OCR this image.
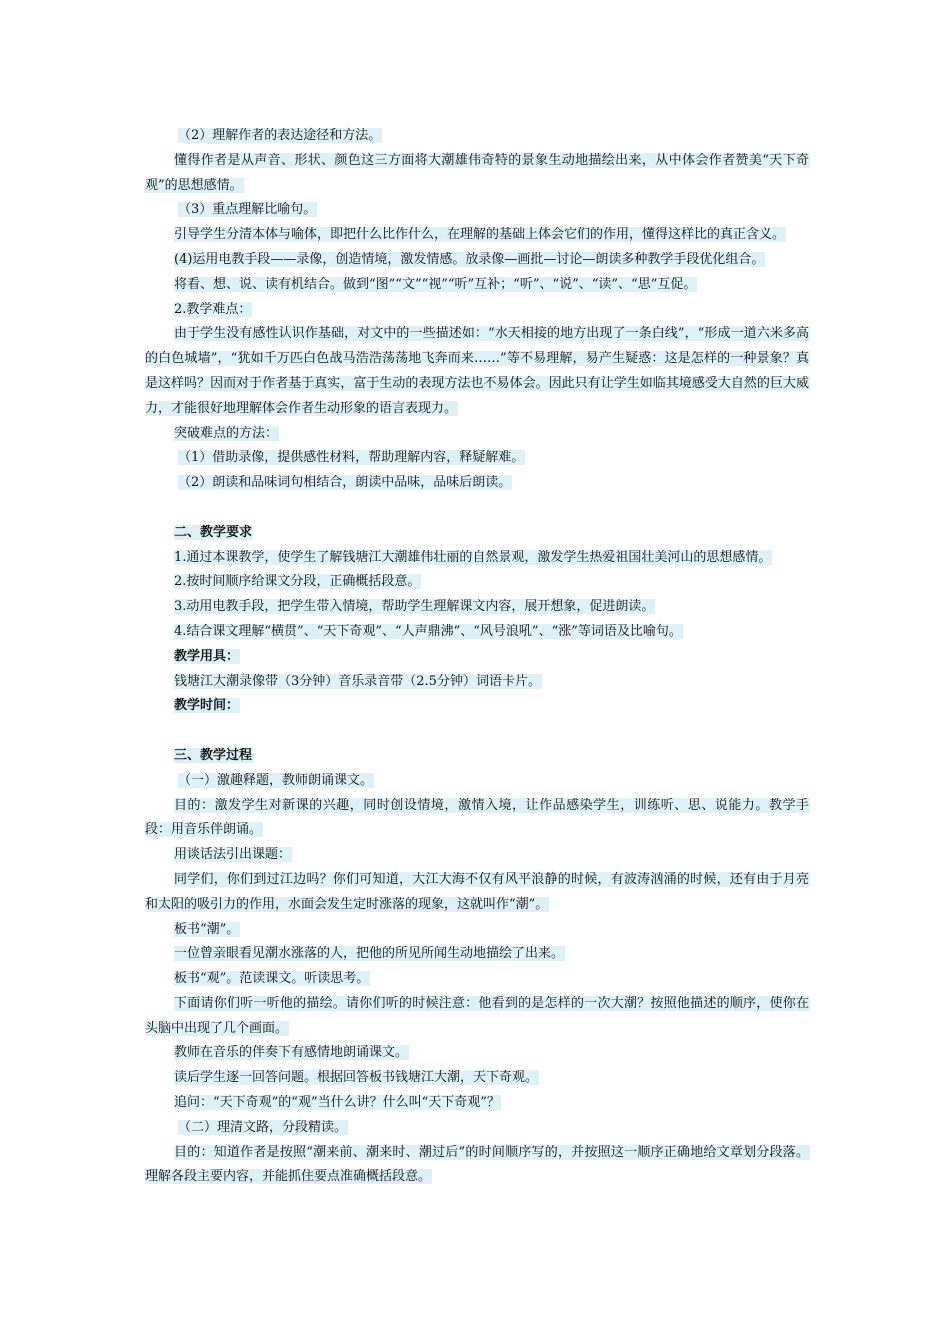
（2）理解作者的表达途径和方法。

懂得作者是从声音、形状、颜色这三方面将大潮雄伟奇特的景象生动地描绘出来，从中体会作者赞美“天下奇观”的思想感情。

（3）重点理解比喻句。

引导学生分清本体与喻体，即把什么比作什么，在理解的基础上体会它们的作用，懂得这样比的真正含义。

(4)运用电教手段——录像，创造情境，激发情感。放录像—画批—讨论—朗读多种教学手段优化组合。

将看、想、说、读有机结合。做到“图”“文”“视”“听”互补；“听”、“说”、“读”、“思”互促。

2.教学难点：

由于学生没有感性认识作基础，对文中的一些描述如：“水天相接的地方出现了一条白线”，“形成一道六米多高的白色城墙”，“犹如千万匹白色战马浩浩荡荡地飞奔而来……”等不易理解，易产生疑惑：这是怎样的一种景象？真是这样吗？因而对于作者基于真实，富于生动的表现方法也不易体会。因此只有让学生如临其境感受大自然的巨大威力，才能很好地理解体会作者生动形象的语言表现力。

突破难点的方法：

（1）借助录像，提供感性材料，帮助理解内容，释疑解难。

（2）朗读和品味词句相结合，朗读中品味，品味后朗读。

二、教学要求

1.通过本课教学，使学生了解钱塘江大潮雄伟壮丽的自然景观，激发学生热爱祖国壮美河山的思想感情。

2.按时间顺序给课文分段，正确概括段意。

3.动用电教手段，把学生带入情境，帮助学生理解课文内容，展开想象，促进朗读。

4.结合课文理解“横贯”、“天下奇观”、“人声鼎沸”、“风号浪吼”、“涨”等词语及比喻句。

教学用具：

钱塘江大潮录像带（3分钟）音乐录音带（2.5分钟）词语卡片。

教学时间：

三、教学过程

（一）激趣释题，教师朗诵课文。

目的：激发学生对新课的兴趣，同时创设情境，激情入境，让作品感染学生，训练听、思、说能力。教学手段：用音乐伴朗诵。

用谈话法引出课题：

同学们，你们到过江边吗？你们可知道，大江大海不仅有风平浪静的时候，有波涛汹涌的时候，还有由于月亮和太阳的吸引力的作用，水面会发生定时涨落的现象，这就叫作“潮”。

板书“潮”。

一位曾亲眼看见潮水涨落的人，把他的所见所闻生动地描绘了出来。

板书“观”。范读课文。听读思考。

下面请你们听一听他的描绘。请你们听的时候注意：他看到的是怎样的一次大潮？按照他描述的顺序，使你在头脑中出现了几个画面。

教师在音乐的伴奏下有感情地朗诵课文。

读后学生逐一回答问题。根据回答板书钱塘江大潮，天下奇观。

追问：“天下奇观”的“观”当什么讲？什么叫“天下奇观”？

（二）理清文路，分段精读。

目的：知道作者是按照“潮来前、潮来时、潮过后”的时间顺序写的，并按照这一顺序正确地给文章划分段落。理解各段主要内容，并能抓住要点准确概括段意。
